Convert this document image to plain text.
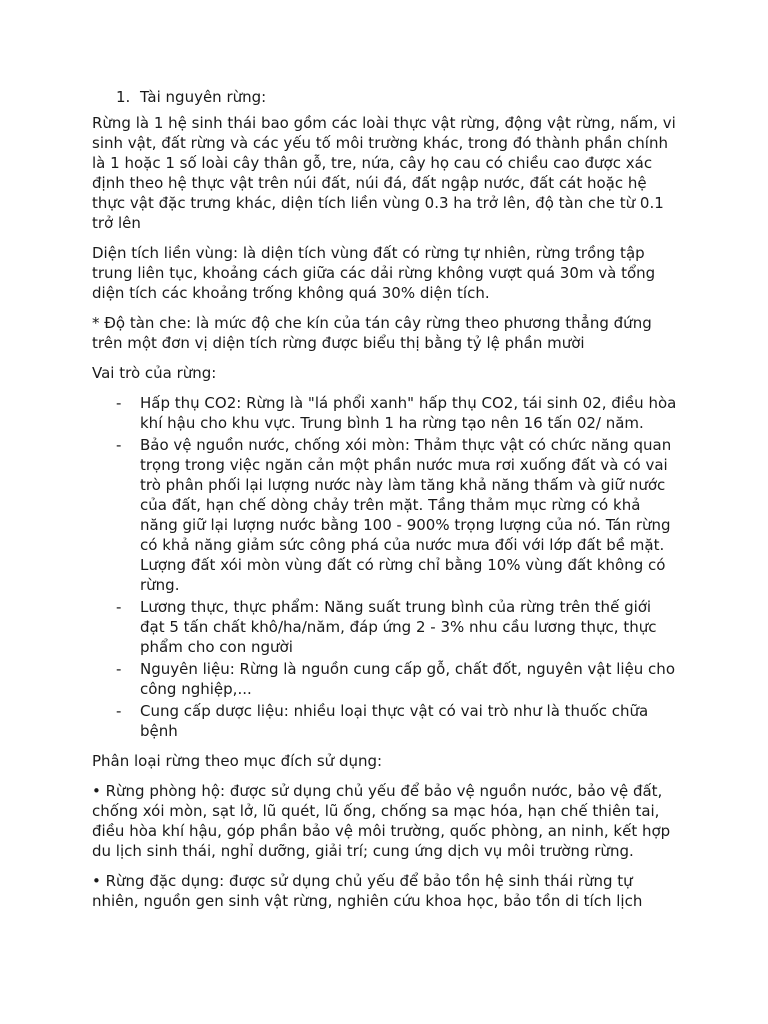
1. Tài nguyên rừng:

Rừng là 1 hệ sinh thái bao gồm các loài thực vật rừng, động vật rừng, nấm, vi sinh vật, đất rừng và các yếu tố môi trường khác, trong đó thành phần chính là 1 hoặc 1 số loài cây thân gỗ, tre, nứa, cây họ cau có chiều cao được xác định theo hệ thực vật trên núi đất, núi đá, đất ngập nước, đất cát hoặc hệ thực vật đặc trưng khác, diện tích liền vùng 0.3 ha trở lên, độ tàn che từ 0.1 trở lên

Diện tích liền vùng: là diện tích vùng đất có rừng tự nhiên, rừng trồng tập trung liên tục, khoảng cách giữa các dải rừng không vượt quá 30m và tổng diện tích các khoảng trống không quá 30% diện tích.

* Độ tàn che: là mức độ che kín của tán cây rừng theo phương thẳng đứng trên một đơn vị diện tích rừng được biểu thị bằng tỷ lệ phần mười

Vai trò của rừng:

-	Hấp thụ CO2: Rừng là "lá phổi xanh" hấp thụ CO2, tái sinh 02, điều hòa khí hậu cho khu vực. Trung bình 1 ha rừng tạo nên 16 tấn 02/ năm.
-	Bảo vệ nguồn nước, chống xói mòn: Thảm thực vật có chức năng quan trọng trong việc ngăn cản một phần nước mưa rơi xuống đất và có vai trò phân phối lại lượng nước này làm tăng khả năng thấm và giữ nước của đất, hạn chế dòng chảy trên mặt. Tầng thảm mục rừng có khả năng giữ lại lượng nước bằng 100 - 900% trọng lượng của nó. Tán rừng có khả năng giảm sức công phá của nước mưa đối với lớp đất bề mặt. Lượng đất xói mòn vùng đất có rừng chỉ bằng 10% vùng đất không có rừng.
-	Lương thực, thực phẩm: Năng suất trung bình của rừng trên thế giới đạt 5 tấn chất khô/ha/năm, đáp ứng 2 - 3% nhu cầu lương thực, thực phẩm cho con người
-	Nguyên liệu: Rừng là nguồn cung cấp gỗ, chất đốt, nguyên vật liệu cho công nghiệp,...
-	Cung cấp dược liệu: nhiều loại thực vật có vai trò như là thuốc chữa bệnh

Phân loại rừng theo mục đích sử dụng:

• Rừng phòng hộ: được sử dụng chủ yếu để bảo vệ nguồn nước, bảo vệ đất, chống xói mòn, sạt lở, lũ quét, lũ ống, chống sa mạc hóa, hạn chế thiên tai, điều hòa khí hậu, góp phần bảo vệ môi trường, quốc phòng, an ninh, kết hợp du lịch sinh thái, nghỉ dưỡng, giải trí; cung ứng dịch vụ môi trường rừng.

• Rừng đặc dụng: được sử dụng chủ yếu để bảo tồn hệ sinh thái rừng tự nhiên, nguồn gen sinh vật rừng, nghiên cứu khoa học, bảo tồn di tích lịch
